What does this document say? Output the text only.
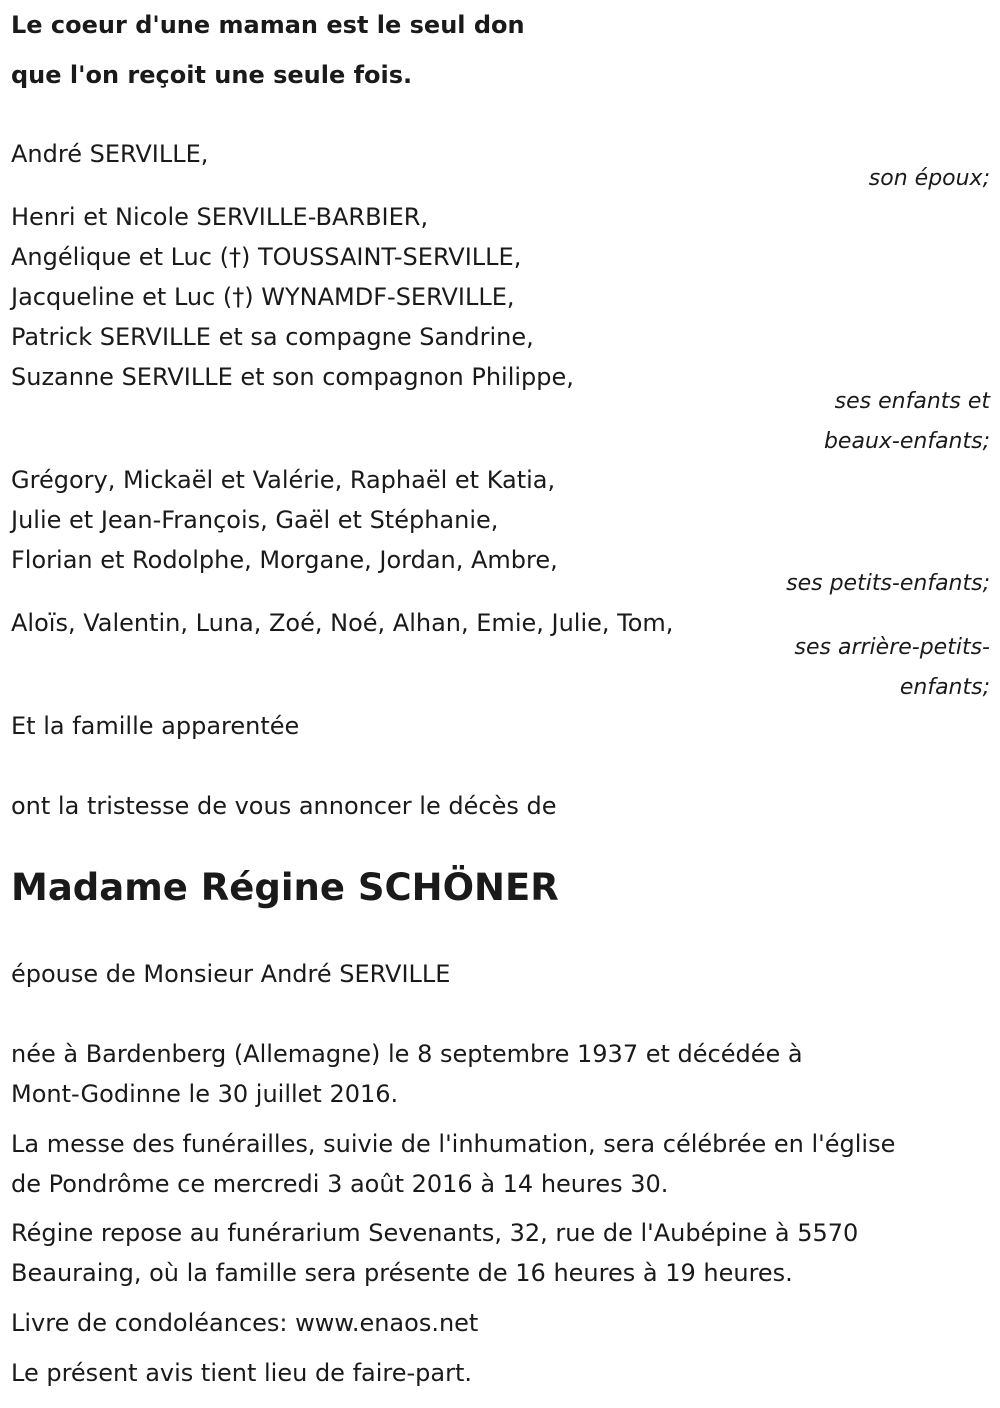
Le coeur d'une maman est le seul don
que l'on reçoit une seule fois.
André SERVILLE,
son époux;
Henri et Nicole SERVILLE-BARBIER,
Angélique et Luc (†) TOUSSAINT-SERVILLE,
Jacqueline et Luc (†) WYNAMDF-SERVILLE,
Patrick SERVILLE et sa compagne Sandrine,
Suzanne SERVILLE et son compagnon Philippe,
ses enfants et
beaux-enfants;
Grégory, Mickaël et Valérie, Raphaël et Katia,
Julie et Jean-François, Gaël et Stéphanie,
Florian et Rodolphe, Morgane, Jordan, Ambre,
ses petits-enfants;
Aloïs, Valentin, Luna, Zoé, Noé, Alhan, Emie, Julie, Tom,
ses arrière-petits-
enfants;
Et la famille apparentée
ont la tristesse de vous annoncer le décès de
Madame Régine SCHÖNER
épouse de Monsieur André SERVILLE
née à Bardenberg (Allemagne) le 8 septembre 1937 et décédée à
Mont-Godinne le 30 juillet 2016.
La messe des funérailles, suivie de l'inhumation, sera célébrée en l'église
de Pondrôme ce mercredi 3 août 2016 à 14 heures 30.
Régine repose au funérarium Sevenants, 32, rue de l'Aubépine à 5570
Beauraing, où la famille sera présente de 16 heures à 19 heures.
Livre de condoléances: www.enaos.net
Le présent avis tient lieu de faire-part.
